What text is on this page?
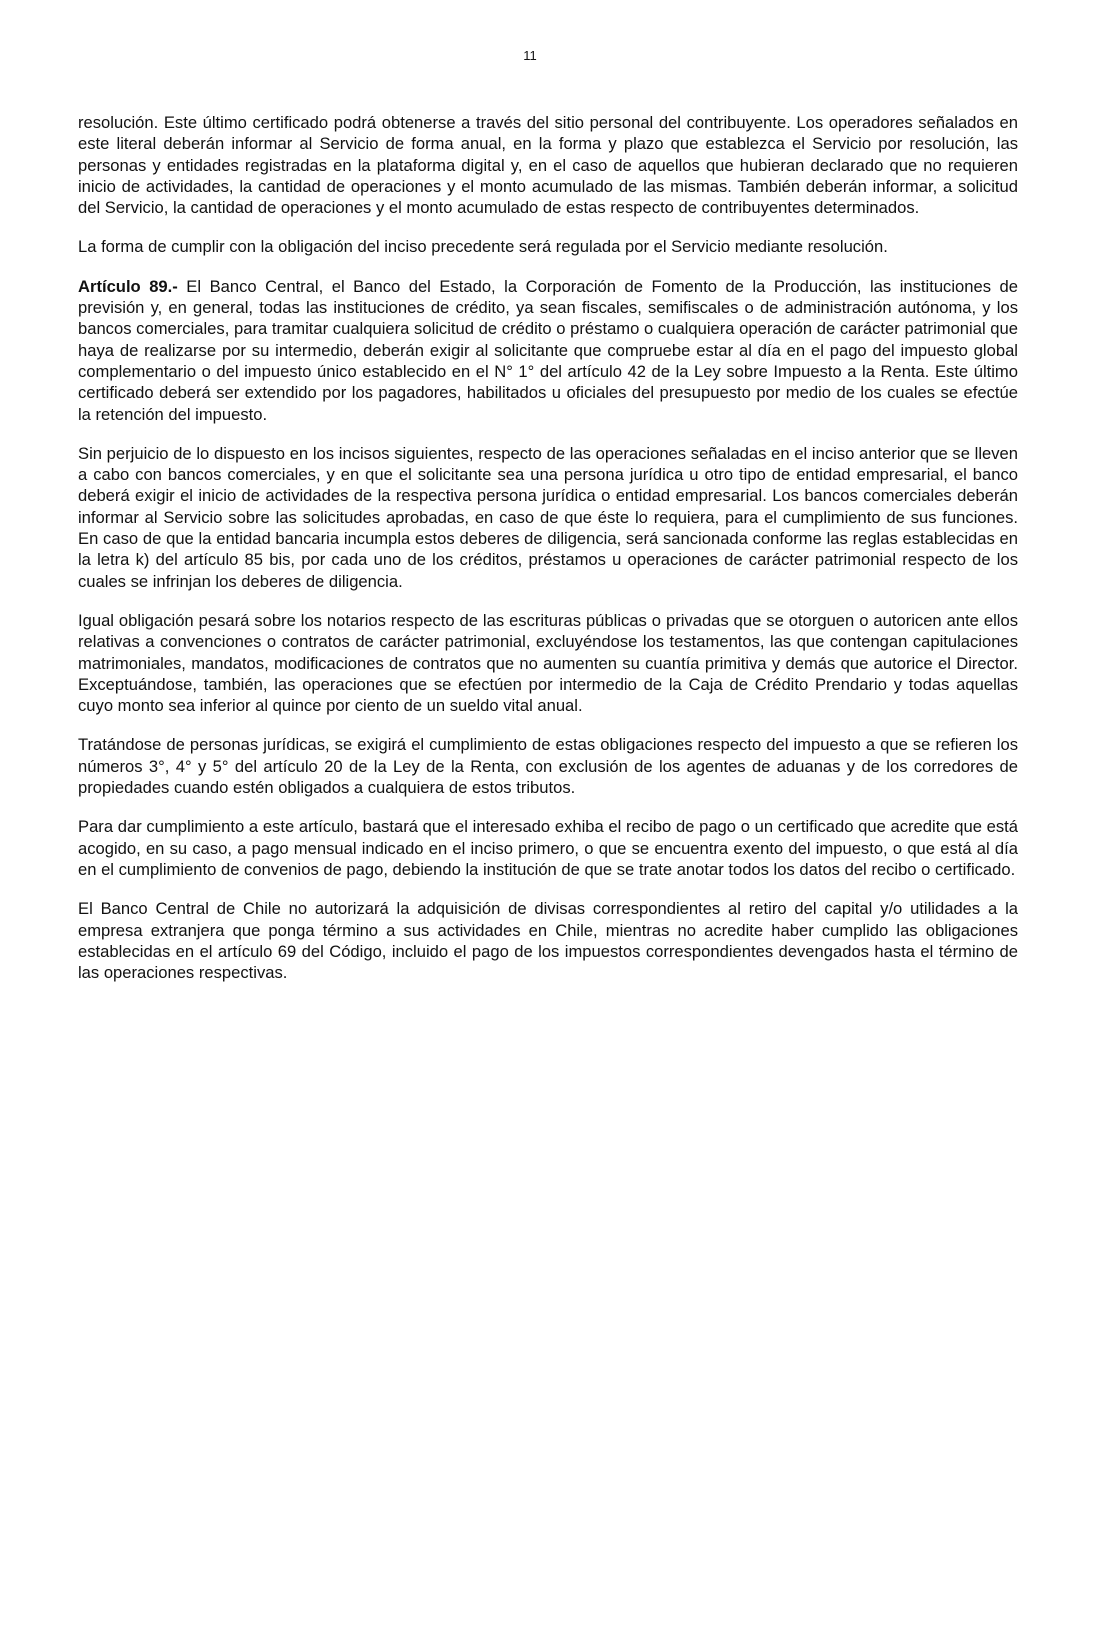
11

resolución. Este último certificado podrá obtenerse a través del sitio personal del contribuyente. Los operadores señalados en este literal deberán informar al Servicio de forma anual, en la forma y plazo que establezca el Servicio por resolución, las personas y entidades registradas en la plataforma digital y, en el caso de aquellos que hubieran declarado que no requieren inicio de actividades, la cantidad de operaciones y el monto acumulado de las mismas. También deberán informar, a solicitud del Servicio, la cantidad de operaciones y el monto acumulado de estas respecto de contribuyentes determinados.

La forma de cumplir con la obligación del inciso precedente será regulada por el Servicio mediante resolución.

Artículo 89.- El Banco Central, el Banco del Estado, la Corporación de Fomento de la Producción, las instituciones de previsión y, en general, todas las instituciones de crédito, ya sean fiscales, semifiscales o de administración autónoma, y los bancos comerciales, para tramitar cualquiera solicitud de crédito o préstamo o cualquiera operación de carácter patrimonial que haya de realizarse por su intermedio, deberán exigir al solicitante que compruebe estar al día en el pago del impuesto global complementario o del impuesto único establecido en el N° 1° del artículo 42 de la Ley sobre Impuesto a la Renta. Este último certificado deberá ser extendido por los pagadores, habilitados u oficiales del presupuesto por medio de los cuales se efectúe la retención del impuesto.

Sin perjuicio de lo dispuesto en los incisos siguientes, respecto de las operaciones señaladas en el inciso anterior que se lleven a cabo con bancos comerciales, y en que el solicitante sea una persona jurídica u otro tipo de entidad empresarial, el banco deberá exigir el inicio de actividades de la respectiva persona jurídica o entidad empresarial. Los bancos comerciales deberán informar al Servicio sobre las solicitudes aprobadas, en caso de que éste lo requiera, para el cumplimiento de sus funciones. En caso de que la entidad bancaria incumpla estos deberes de diligencia, será sancionada conforme las reglas establecidas en la letra k) del artículo 85 bis, por cada uno de los créditos, préstamos u operaciones de carácter patrimonial respecto de los cuales se infrinjan los deberes de diligencia.

Igual obligación pesará sobre los notarios respecto de las escrituras públicas o privadas que se otorguen o autoricen ante ellos relativas a convenciones o contratos de carácter patrimonial, excluyéndose los testamentos, las que contengan capitulaciones matrimoniales, mandatos, modificaciones de contratos que no aumenten su cuantía primitiva y demás que autorice el Director. Exceptuándose, también, las operaciones que se efectúen por intermedio de la Caja de Crédito Prendario y todas aquellas cuyo monto sea inferior al quince por ciento de un sueldo vital anual.

Tratándose de personas jurídicas, se exigirá el cumplimiento de estas obligaciones respecto del impuesto a que se refieren los números 3°, 4° y 5° del artículo 20 de la Ley de la Renta, con exclusión de los agentes de aduanas y de los corredores de propiedades cuando estén obligados a cualquiera de estos tributos.

Para dar cumplimiento a este artículo, bastará que el interesado exhiba el recibo de pago o un certificado que acredite que está acogido, en su caso, a pago mensual indicado en el inciso primero, o que se encuentra exento del impuesto, o que está al día en el cumplimiento de convenios de pago, debiendo la institución de que se trate anotar todos los datos del recibo o certificado.

El Banco Central de Chile no autorizará la adquisición de divisas correspondientes al retiro del capital y/o utilidades a la empresa extranjera que ponga término a sus actividades en Chile, mientras no acredite haber cumplido las obligaciones establecidas en el artículo 69 del Código, incluido el pago de los impuestos correspondientes devengados hasta el término de las operaciones respectivas.
